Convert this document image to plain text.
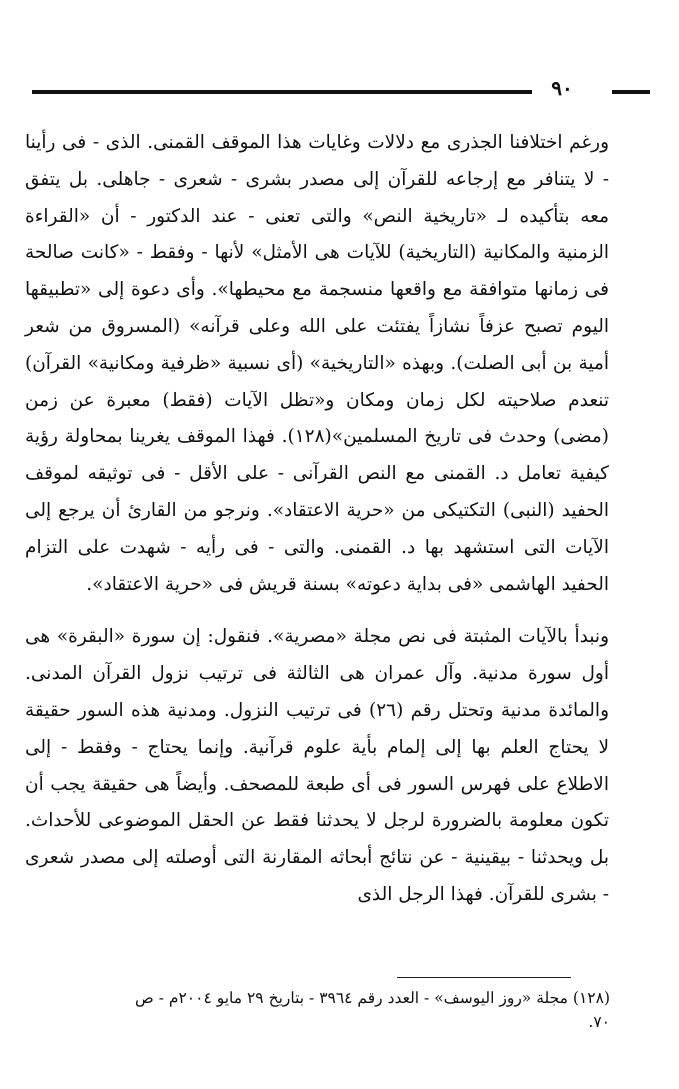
٩٠

ورغم اختلافنا الجذرى مع دلالات وغايات هذا الموقف القمنى. الذى - فى رأينا - لا يتنافر مع إرجاعه للقرآن إلى مصدر بشرى - شعرى - جاهلى. بل يتفق معه بتأكيده لـ «تاريخية النص» والتى تعنى - عند الدكتور - أن «القراءة الزمنية والمكانية (التاريخية) للآيات هى الأمثل» لأنها - وفقط - «كانت صالحة فى زمانها متوافقة مع واقعها منسجمة مع محيطها». وأى دعوة إلى «تطبيقها اليوم تصبح عزفاً نشازاً يفتئت على الله وعلى قرآنه» (المسروق من شعر أمية بن أبى الصلت). وبهذه «التاريخية» (أى نسبية «ظرفية ومكانية» القرآن) تنعدم صلاحيته لكل زمان ومكان و«تظل الآيات (فقط) معبرة عن زمن (مضى) وحدث فى تاريخ المسلمين»(١٢٨). فهذا الموقف يغرينا بمحاولة رؤية كيفية تعامل د. القمنى مع النص القرآنى - على الأقل - فى توثيقه لموقف الحفيد (النبى) التكتيكى من «حرية الاعتقاد». ونرجو من القارئ أن يرجع إلى الآيات التى استشهد بها د. القمنى. والتى - فى رأيه - شهدت على التزام الحفيد الهاشمى «فى بداية دعوته» بسنة قريش فى «حرية الاعتقاد».

ونبدأ بالآيات المثبتة فى نص مجلة «مصرية». فنقول: إن سورة «البقرة» هى أول سورة مدنية. وآل عمران هى الثالثة فى ترتيب نزول القرآن المدنى. والمائدة مدنية وتحتل رقم (٢٦) فى ترتيب النزول. ومدنية هذه السور حقيقة لا يحتاج العلم بها إلى إلمام بأية علوم قرآنية. وإنما يحتاج - وفقط - إلى الاطلاع على فهرس السور فى أى طبعة للمصحف. وأيضاً هى حقيقة يجب أن تكون معلومة بالضرورة لرجل لا يحدثنا فقط عن الحقل الموضوعى للأحداث. بل ويحدثنا - بيقينية - عن نتائج أبحاثه المقارنة التى أوصلته إلى مصدر شعرى - بشرى للقرآن. فهذا الرجل الذى

(١٢٨) مجلة «روز اليوسف» - العدد رقم ٣٩٦٤ - بتاريخ ٢٩ مايو ٢٠٠٤م - ص ٧٠.
